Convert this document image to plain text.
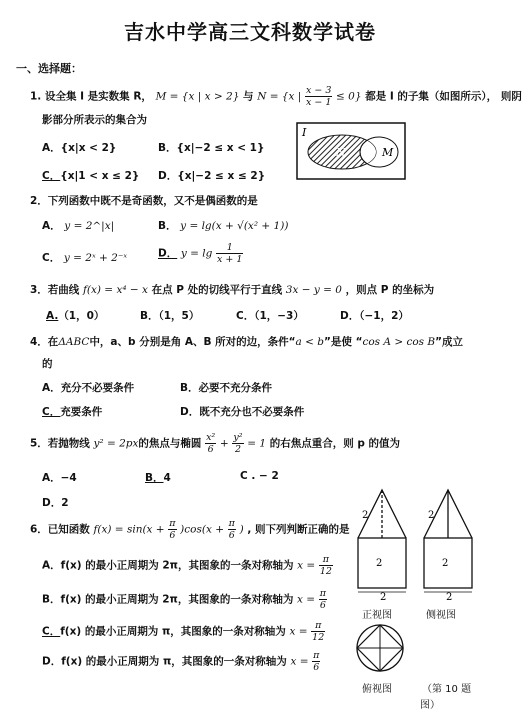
吉水中学高三文科数学试卷
一、选择题：
1. 设全集 I 是实数集 R， M = {x | x > 2} 与 N = {x | $\frac{x - 3}{x - 1} \le 0$} 都是 I 的子集（如图所示）， 则阴
影部分所表示的集合为
A．{x|x < 2}	B．{x|−2 ≤ x < 1}
C．{x|1 < x ≤ 2} D．{x|−2 ≤ x ≤ 2}
I
N	M
2．下列函数中既不是奇函数，又不是偶函数的是
A． y = 2^|x|	B． y = lg(x + √(x² + 1))
C． y = 2ˣ + 2⁻ˣ	D． $y = \lg \frac{1}{x + 1}$
3．若曲线 f(x) = x⁴ − x 在点 P 处的切线平行于直线 3x − y = 0 ，则点 P 的坐标为
A.（1，0）	B．（1，5）	C．（1，−3）	D．（−1，2）
4．在ΔABC中，a、b 分别是角 A、B 所对的边，条件“a < b”是使 “cos A > cos B”成立
的
A．充分不必要条件	B．必要不充分条件
C．充要条件	D．既不充分也不必要条件
5．若抛物线 y² = 2px的焦点与椭圆 $\frac{\text{x²}}{6} + \frac{\text{y²}}{2} = 1$ 的右焦点重合，则 p 的值为
A．−4	B．4	C . − 2
D．2
6．已知函数 $f(x) = \sin(x + \frac{\pi}{6} )\cos(x + \frac{\pi}{6}$ ) , 则下列判断正确的是
A．f(x) 的最小正周期为 2π，其图象的一条对称轴为 $x = \frac{\pi}{12}$
B．f(x) 的最小正周期为 2π，其图象的一条对称轴为 $x = \frac{\pi}{6}$
C．f(x) 的最小正周期为 π，其图象的一条对称轴为 $x = \frac{\pi}{12}$
D．f(x) 的最小正周期为 π，其图象的一条对称轴为 $x = \frac{\pi}{6}$
2
2
2
2
2
2
正视图	侧视图
俯视图	（第 10 题
图）
